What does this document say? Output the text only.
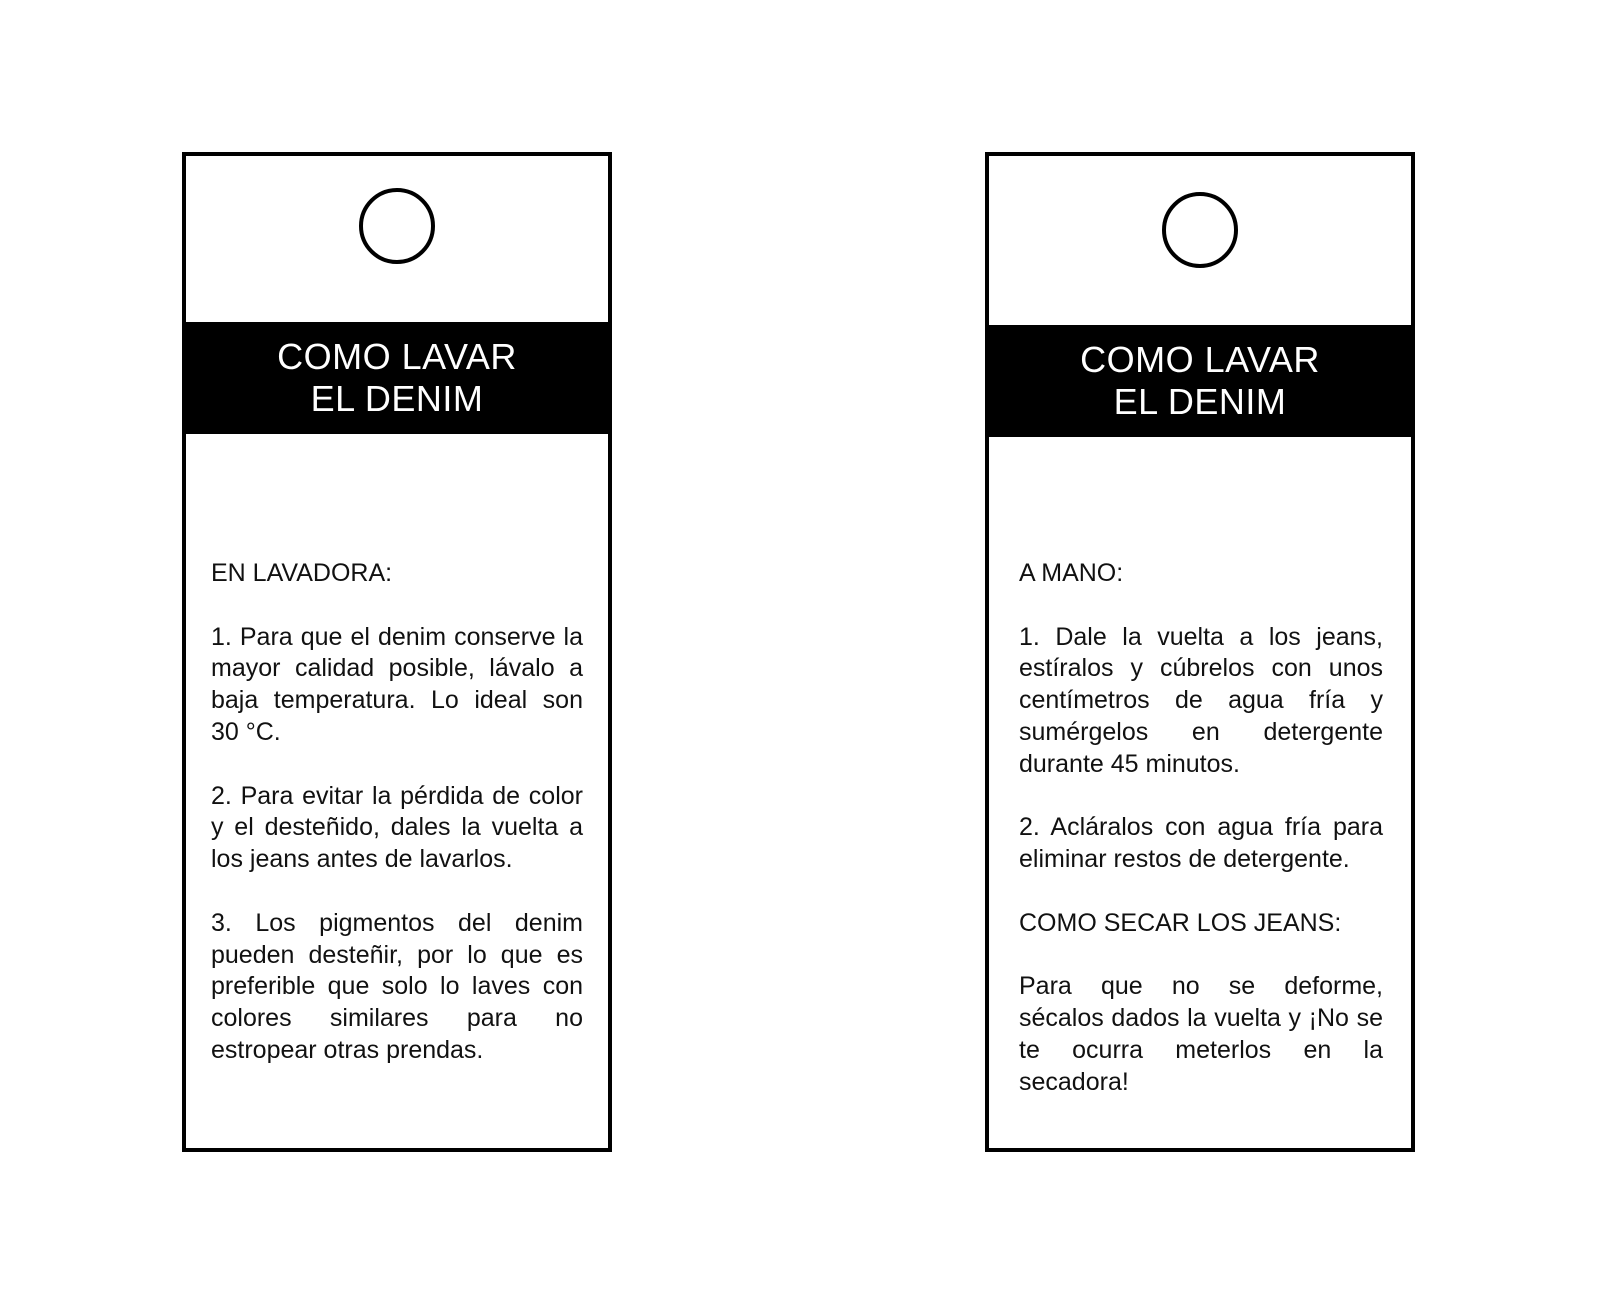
COMO LAVAR
EL DENIM

EN LAVADORA:

1. Para que el denim conserve la mayor calidad posible, lávalo a baja temperatura. Lo ideal son 30 °C.

2. Para evitar la pérdida de color y el desteñido, dales la vuelta a los jeans antes de lavarlos.

3. Los pigmentos del denim pueden desteñir, por lo que es preferible que solo lo laves con colores similares para no estropear otras prendas.

COMO LAVAR
EL DENIM

A MANO:

1. Dale la vuelta a los jeans, estíralos y cúbrelos con unos centímetros de agua fría y sumérgelos en detergente durante 45 minutos.

2. Acláralos con agua fría para eliminar restos de detergente.

COMO SECAR LOS JEANS:

Para que no se deforme, sécalos dados la vuelta y ¡No se te ocurra meterlos en la secadora!
